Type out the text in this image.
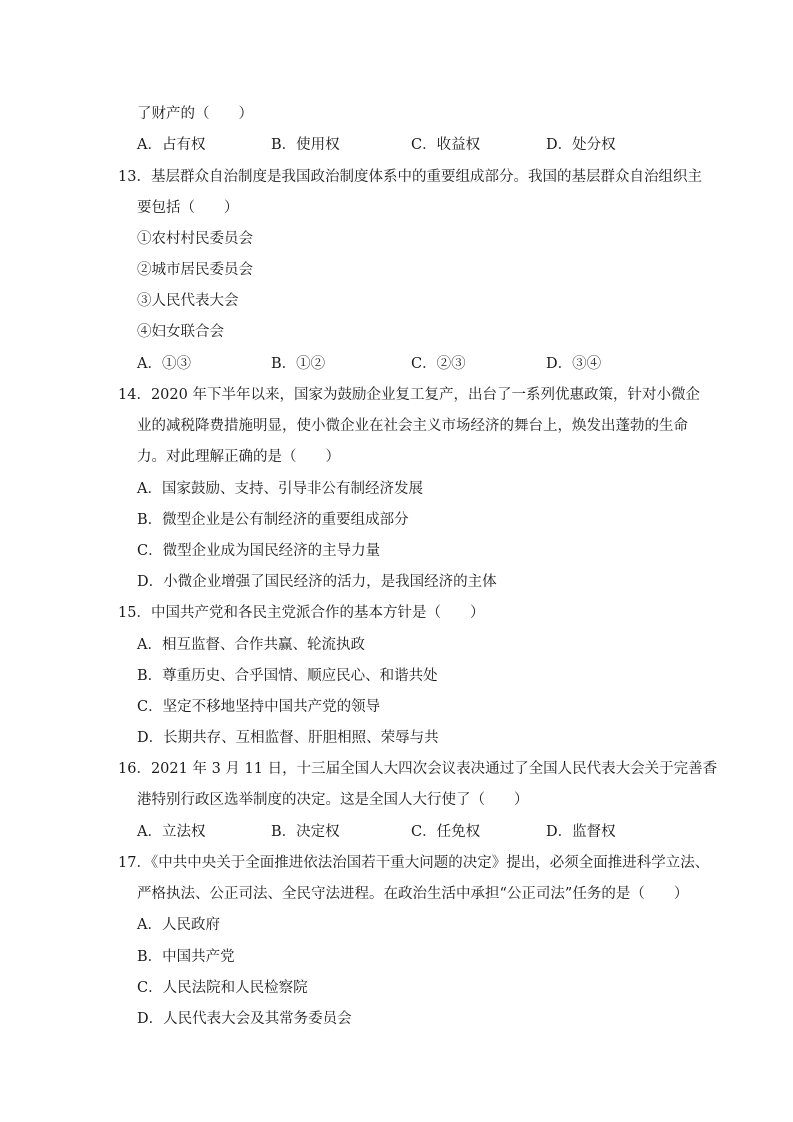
了财产的（　　）
A．占有权	B．使用权	C．收益权	D．处分权
13．基层群众自治制度是我国政治制度体系中的重要组成部分。我国的基层群众自治组织主
要包括（　　）
①农村村民委员会
②城市居民委员会
③人民代表大会
④妇女联合会
A．①③	B．①②	C．②③	D．③④
14．2020 年下半年以来，国家为鼓励企业复工复产，出台了一系列优惠政策，针对小微企
业的减税降费措施明显，使小微企业在社会主义市场经济的舞台上，焕发出蓬勃的生命
力。对此理解正确的是（　　）
A．国家鼓励、支持、引导非公有制经济发展
B．微型企业是公有制经济的重要组成部分
C．微型企业成为国民经济的主导力量
D．小微企业增强了国民经济的活力，是我国经济的主体
15．中国共产党和各民主党派合作的基本方针是（　　）
A．相互监督、合作共赢、轮流执政
B．尊重历史、合乎国情、顺应民心、和谐共处
C．坚定不移地坚持中国共产党的领导
D．长期共存、互相监督、肝胆相照、荣辱与共
16．2021 年 3 月 11 日，十三届全国人大四次会议表决通过了全国人民代表大会关于完善香
港特别行政区选举制度的决定。这是全国人大行使了（　　）
A．立法权	B．决定权	C．任免权	D．监督权
17．《中共中央关于全面推进依法治国若干重大问题的决定》提出，必须全面推进科学立法、
严格执法、公正司法、全民守法进程。在政治生活中承担“公正司法”任务的是（　　）
A．人民政府
B．中国共产党
C．人民法院和人民检察院
D．人民代表大会及其常务委员会
